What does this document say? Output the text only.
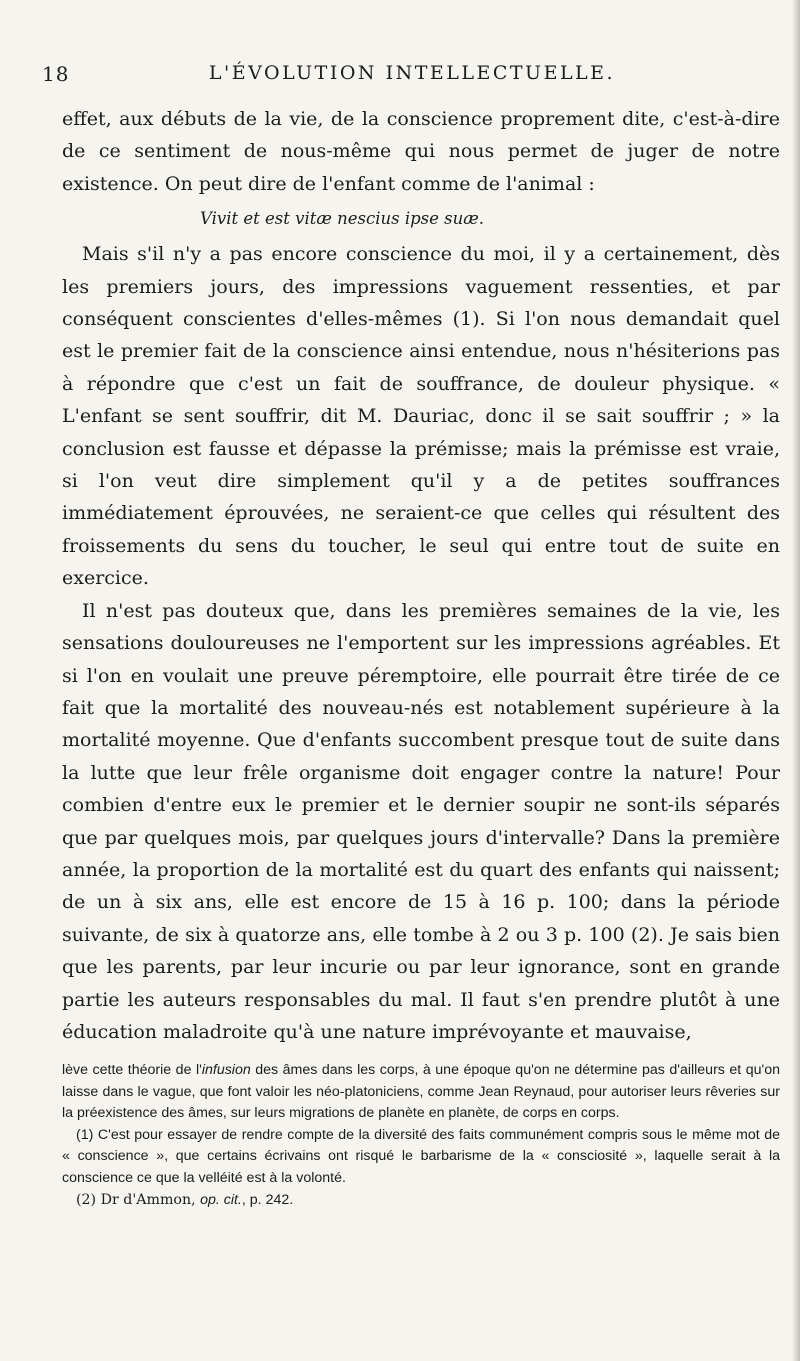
18	L'ÉVOLUTION INTELLECTUELLE.

effet, aux débuts de la vie, de la conscience proprement dite, c'est-à-dire de ce sentiment de nous-même qui nous permet de juger de notre existence. On peut dire de l'enfant comme de l'animal :

Vivit et est vitæ nescius ipse suæ.

Mais s'il n'y a pas encore conscience du moi, il y a certainement, dès les premiers jours, des impressions vaguement ressenties, et par conséquent conscientes d'elles-mêmes (1). Si l'on nous demandait quel est le premier fait de la conscience ainsi entendue, nous n'hésiterions pas à répondre que c'est un fait de souffrance, de douleur physique. « L'enfant se sent souffrir, dit M. Dauriac, donc il se sait souffrir ; » la conclusion est fausse et dépasse la prémisse; mais la prémisse est vraie, si l'on veut dire simplement qu'il y a de petites souffrances immédiatement éprouvées, ne seraient-ce que celles qui résultent des froissements du sens du toucher, le seul qui entre tout de suite en exercice.

Il n'est pas douteux que, dans les premières semaines de la vie, les sensations douloureuses ne l'emportent sur les impressions agréables. Et si l'on en voulait une preuve péremptoire, elle pourrait être tirée de ce fait que la mortalité des nouveau-nés est notablement supérieure à la mortalité moyenne. Que d'enfants succombent presque tout de suite dans la lutte que leur frêle organisme doit engager contre la nature! Pour combien d'entre eux le premier et le dernier soupir ne sont-ils séparés que par quelques mois, par quelques jours d'intervalle? Dans la première année, la proportion de la mortalité est du quart des enfants qui naissent; de un à six ans, elle est encore de 15 à 16 p. 100; dans la période suivante, de six à quatorze ans, elle tombe à 2 ou 3 p. 100 (2). Je sais bien que les parents, par leur incurie ou par leur ignorance, sont en grande partie les auteurs responsables du mal. Il faut s'en prendre plutôt à une éducation maladroite qu'à une nature imprévoyante et mauvaise,

lève cette théorie de l'infusion des âmes dans les corps, à une époque qu'on ne détermine pas d'ailleurs et qu'on laisse dans le vague, que font valoir les néo-platoniciens, comme Jean Reynaud, pour autoriser leurs rêveries sur la préexistence des âmes, sur leurs migrations de planète en planète, de corps en corps.

(1) C'est pour essayer de rendre compte de la diversité des faits communément compris sous le même mot de « conscience », que certains écrivains ont risqué le barbarisme de la « consciosité », laquelle serait à la conscience ce que la velléité est à la volonté.

(2) Dr d'Ammon, op. cit., p. 242.
